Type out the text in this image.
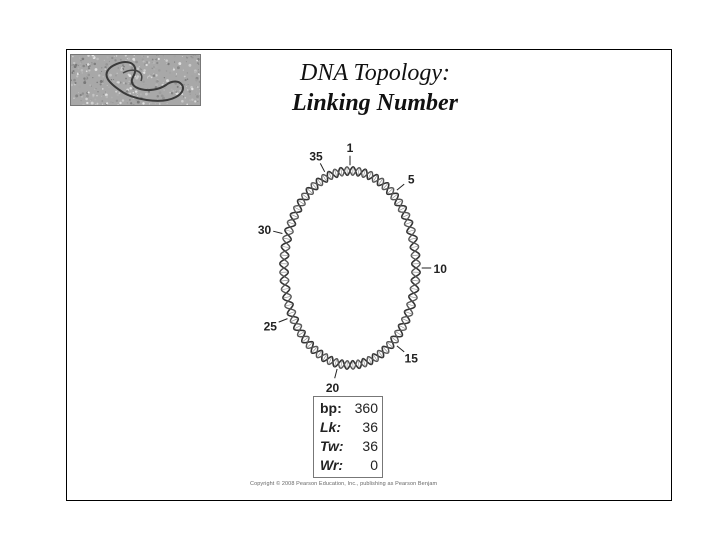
DNA Topology:
Linking Number
1
35
5
30
10
25
15
20
bp: 360
Lk: 36
Tw: 36
Wr: 0
Copyright © 2008 Pearson Education, Inc., publishing as Pearson Benjam
